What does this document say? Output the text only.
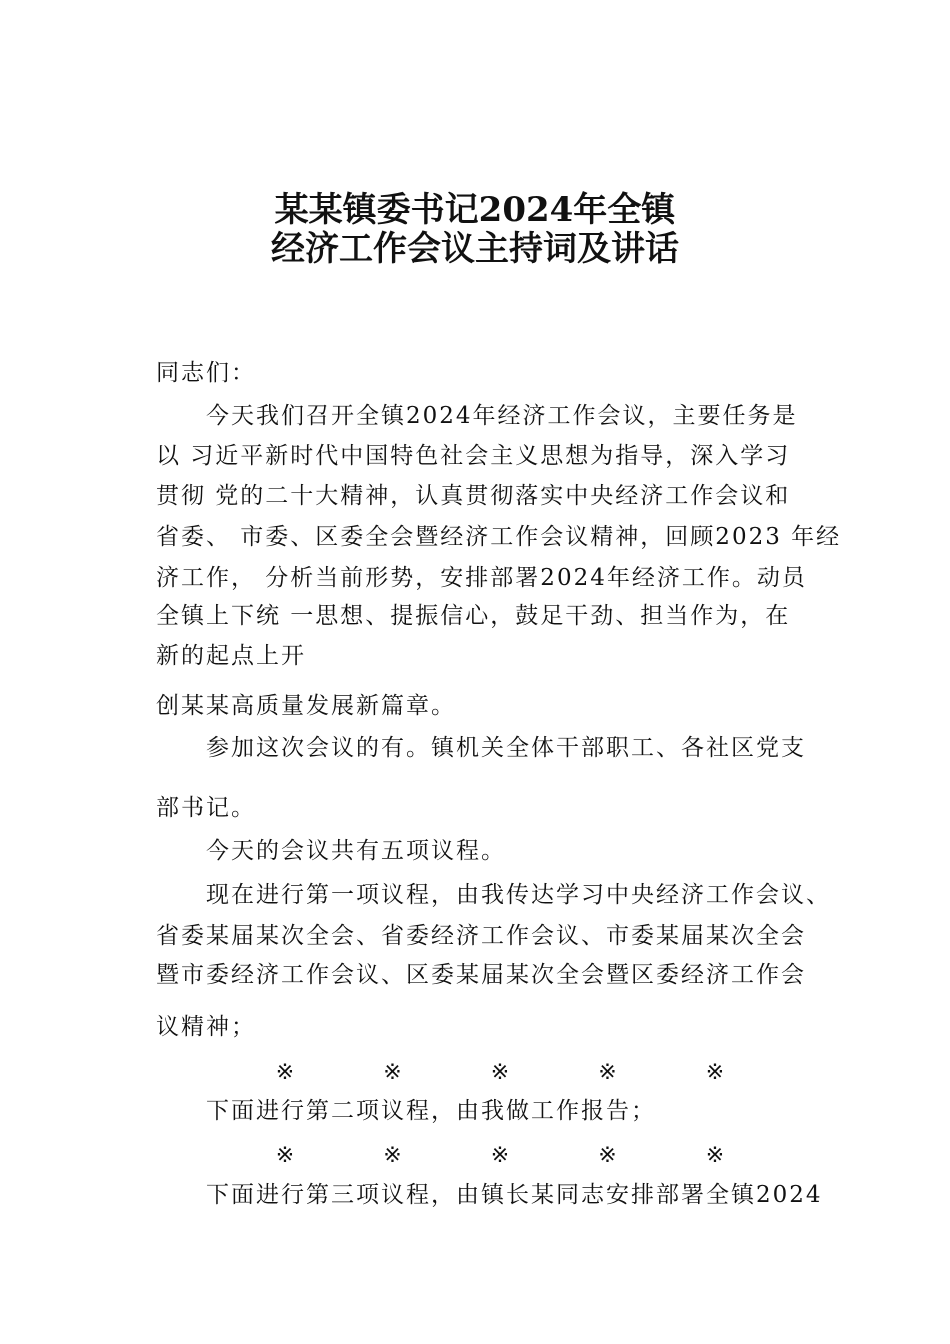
某某镇委书记2024年全镇
经济工作会议主持词及讲话
同志们：
　　今天我们召开全镇2024年经济工作会议，主要任务是
以 习近平新时代中国特色社会主义思想为指导，深入学习
贯彻 党的二十大精神，认真贯彻落实中央经济工作会议和
省委、 市委、区委全会暨经济工作会议精神，回顾2023 年经
济工作， 分析当前形势，安排部署2024年经济工作。动员
全镇上下统 一思想、提振信心，鼓足干劲、担当作为，在
新的起点上开
创某某高质量发展新篇章。
　　参加这次会议的有。镇机关全体干部职工、各社区党支
部书记。
　　今天的会议共有五项议程。
　　现在进行第一项议程，由我传达学习中央经济工作会议、
省委某届某次全会、省委经济工作会议、市委某届某次全会
暨市委经济工作会议、区委某届某次全会暨区委经济工作会
议精神；
※	※	※	※	※
　　下面进行第二项议程，由我做工作报告；
※	※	※	※	※
　　下面进行第三项议程，由镇长某同志安排部署全镇2024
